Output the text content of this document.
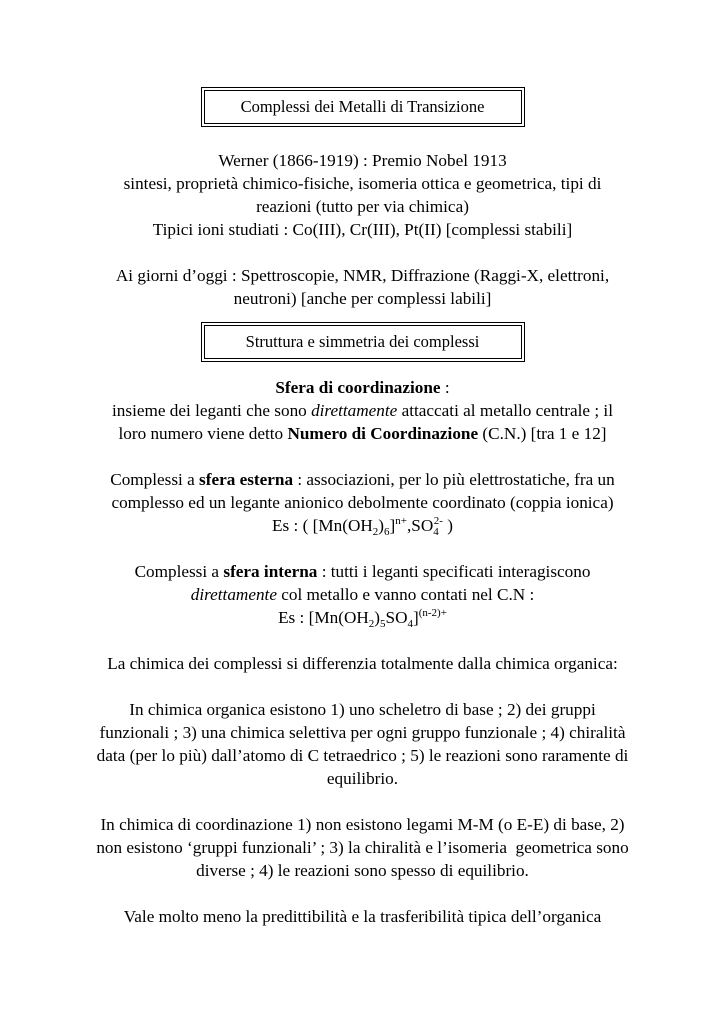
Complessi dei Metalli di Transizione

Werner (1866-1919) : Premio Nobel 1913

sintesi, proprietà chimico-fisiche, isomeria ottica e geometrica, tipi di

reazioni (tutto per via chimica)

Tipici ioni studiati : Co(III), Cr(III), Pt(II) [complessi stabili]

Ai giorni d’oggi : Spettroscopie, NMR, Diffrazione (Raggi-X, elettroni,

neutroni) [anche per complessi labili]

Struttura e simmetria dei complessi

Sfera di coordinazione :

insieme dei leganti che sono direttamente attaccati al metallo centrale ; il

loro numero viene detto Numero di Coordinazione (C.N.) [tra 1 e 12]

Complessi a sfera esterna : associazioni, per lo più elettrostatiche, fra un

complesso ed un legante anionico debolmente coordinato (coppia ionica)

Es : ( $[Mn(OH_2)_6]^{n+},SO_4^{2-}$ )

Complessi a sfera interna : tutti i leganti specificati interagiscono

direttamente col metallo e vanno contati nel C.N :

Es : $[Mn(OH_2)_5SO_4]^{(n-2)+}$

La chimica dei complessi si differenzia totalmente dalla chimica organica:

In chimica organica esistono 1) uno scheletro di base ; 2) dei gruppi

funzionali ; 3) una chimica selettiva per ogni gruppo funzionale ; 4) chiralità

data (per lo più) dall’atomo di C tetraedrico ; 5) le reazioni sono raramente di

equilibrio.

In chimica di coordinazione 1) non esistono legami M-M (o E-E) di base, 2)

non esistono ‘gruppi funzionali’ ; 3) la chiralità e l’isomeria  geometrica sono

diverse ; 4) le reazioni sono spesso di equilibrio.

Vale molto meno la predittibilità e la trasferibilità tipica dell’organica
